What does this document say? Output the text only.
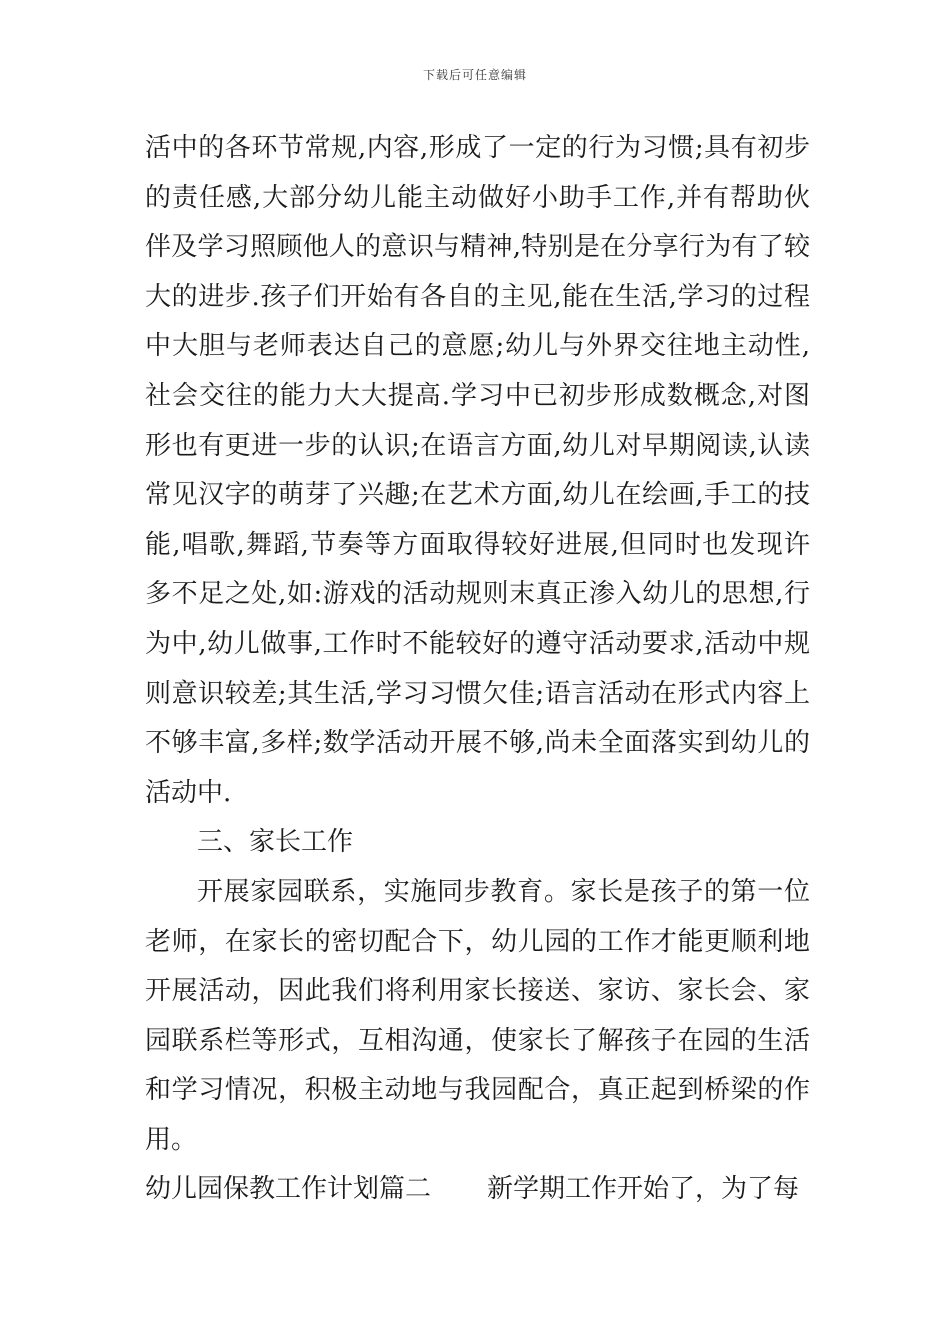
下载后可任意编辑
活中的各环节常规,内容,形成了一定的行为习惯;具有初步
的责任感,大部分幼儿能主动做好小助手工作,并有帮助伙
伴及学习照顾他人的意识与精神,特别是在分享行为有了较
大的进步.孩子们开始有各自的主见,能在生活,学习的过程
中大胆与老师表达自己的意愿;幼儿与外界交往地主动性,
社会交往的能力大大提高.学习中已初步形成数概念,对图
形也有更进一步的认识;在语言方面,幼儿对早期阅读,认读
常见汉字的萌芽了兴趣;在艺术方面,幼儿在绘画,手工的技
能,唱歌,舞蹈,节奏等方面取得较好进展,但同时也发现许
多不足之处,如:游戏的活动规则末真正渗入幼儿的思想,行
为中,幼儿做事,工作时不能较好的遵守活动要求,活动中规
则意识较差;其生活,学习习惯欠佳;语言活动在形式内容上
不够丰富,多样;数学活动开展不够,尚未全面落实到幼儿的
活动中.
三、家长工作
开展家园联系，实施同步教育。家长是孩子的第一位
老师，在家长的密切配合下，幼儿园的工作才能更顺利地
开展活动，因此我们将利用家长接送、家访、家长会、家
园联系栏等形式，互相沟通，使家长了解孩子在园的生活
和学习情况，积极主动地与我园配合，真正起到桥梁的作
用。
幼儿园保教工作计划篇二 新学期工作开始了，为了每
